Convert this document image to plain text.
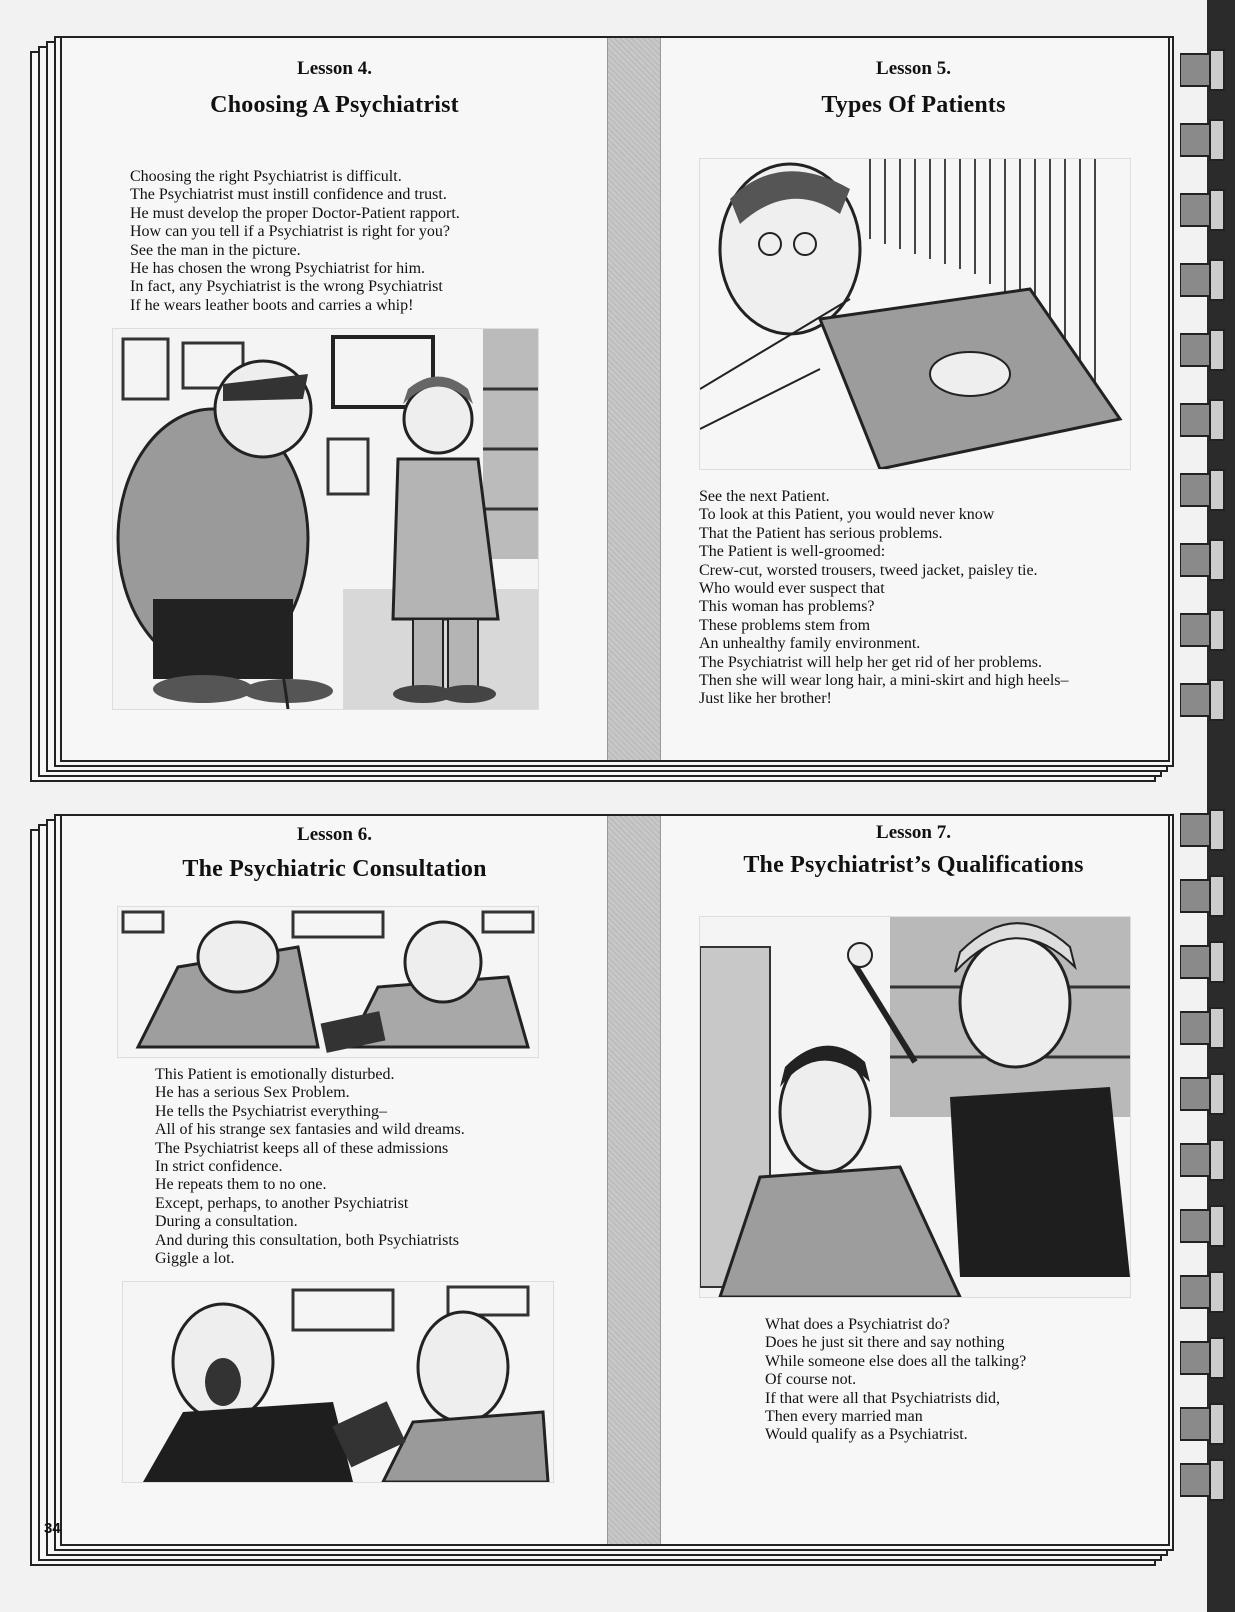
Lesson 4.
Choosing A Psychiatrist
Choosing the right Psychiatrist is difficult.
The Psychiatrist must instill confidence and trust.
He must develop the proper Doctor-Patient rapport.
How can you tell if a Psychiatrist is right for you?
See the man in the picture.
He has chosen the wrong Psychiatrist for him.
In fact, any Psychiatrist is the wrong Psychiatrist
If he wears leather boots and carries a whip!
Lesson 5.
Types Of Patients
See the next Patient.
To look at this Patient, you would never know
That the Patient has serious problems.
The Patient is well-groomed:
Crew-cut, worsted trousers, tweed jacket, paisley tie.
Who would ever suspect that
This woman has problems?
These problems stem from
An unhealthy family environment.
The Psychiatrist will help her get rid of her problems.
Then she will wear long hair, a mini-skirt and high heels–
Just like her brother!
Lesson 6.
The Psychiatric Consultation
This Patient is emotionally disturbed.
He has a serious Sex Problem.
He tells the Psychiatrist everything–
All of his strange sex fantasies and wild dreams.
The Psychiatrist keeps all of these admissions
In strict confidence.
He repeats them to no one.
Except, perhaps, to another Psychiatrist
During a consultation.
And during this consultation, both Psychiatrists
Giggle a lot.
Lesson 7.
The Psychiatrist’s Qualifications
What does a Psychiatrist do?
Does he just sit there and say nothing
While someone else does all the talking?
Of course not.
If that were all that Psychiatrists did,
Then every married man
Would qualify as a Psychiatrist.
34
